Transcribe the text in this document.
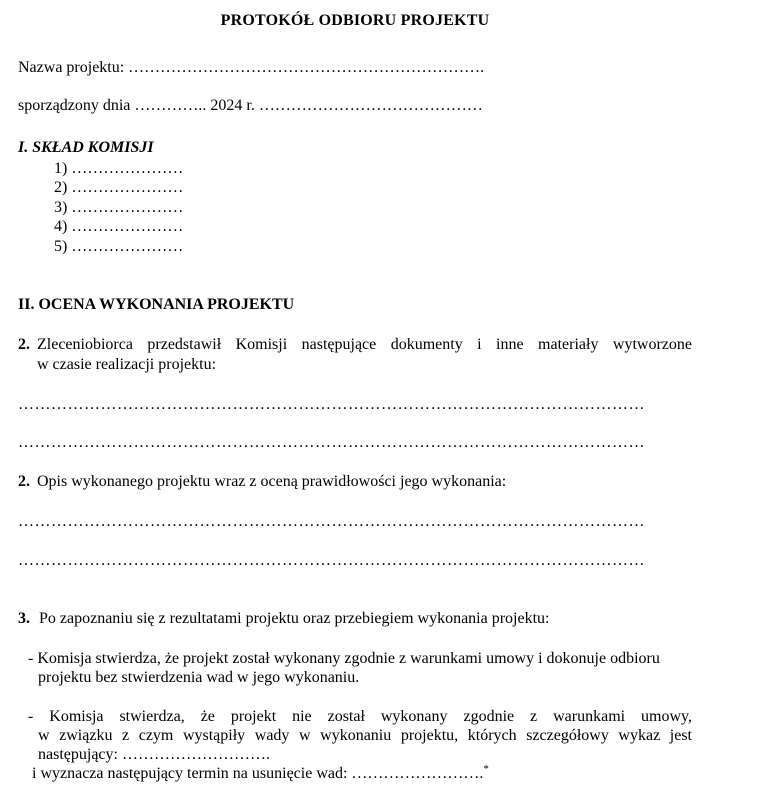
PROTOKÓŁ ODBIORU PROJEKTU
Nazwa projektu: ………………………………………………………….
sporządzony dnia ………….. 2024 r. ……………………………………
I. SKŁAD KOMISJI
1) …………………
2) …………………
3) …………………
4) …………………
5) …………………
II. OCENA WYKONANIA PROJEKTU
2. Zleceniobiorca przedstawił Komisji następujące dokumenty i inne materiały wytworzone
w czasie realizacji projektu:
……………………………………………………………………………………………………
……………………………………………………………………………………………………
2. Opis wykonanego projektu wraz z oceną prawidłowości jego wykonania:
……………………………………………………………………………………………………
……………………………………………………………………………………………………
3. Po zapoznaniu się z rezultatami projektu oraz przebiegiem wykonania projektu:
- Komisja stwierdza, że projekt został wykonany zgodnie z warunkami umowy i dokonuje odbioru
projektu bez stwierdzenia wad w jego wykonaniu.
- Komisja stwierdza, że projekt nie został wykonany zgodnie z warunkami umowy,
w związku z czym wystąpiły wady w wykonaniu projektu, których szczegółowy wykaz jest
następujący: ……………………….
i wyznacza następujący termin na usunięcie wad: …………………….*
